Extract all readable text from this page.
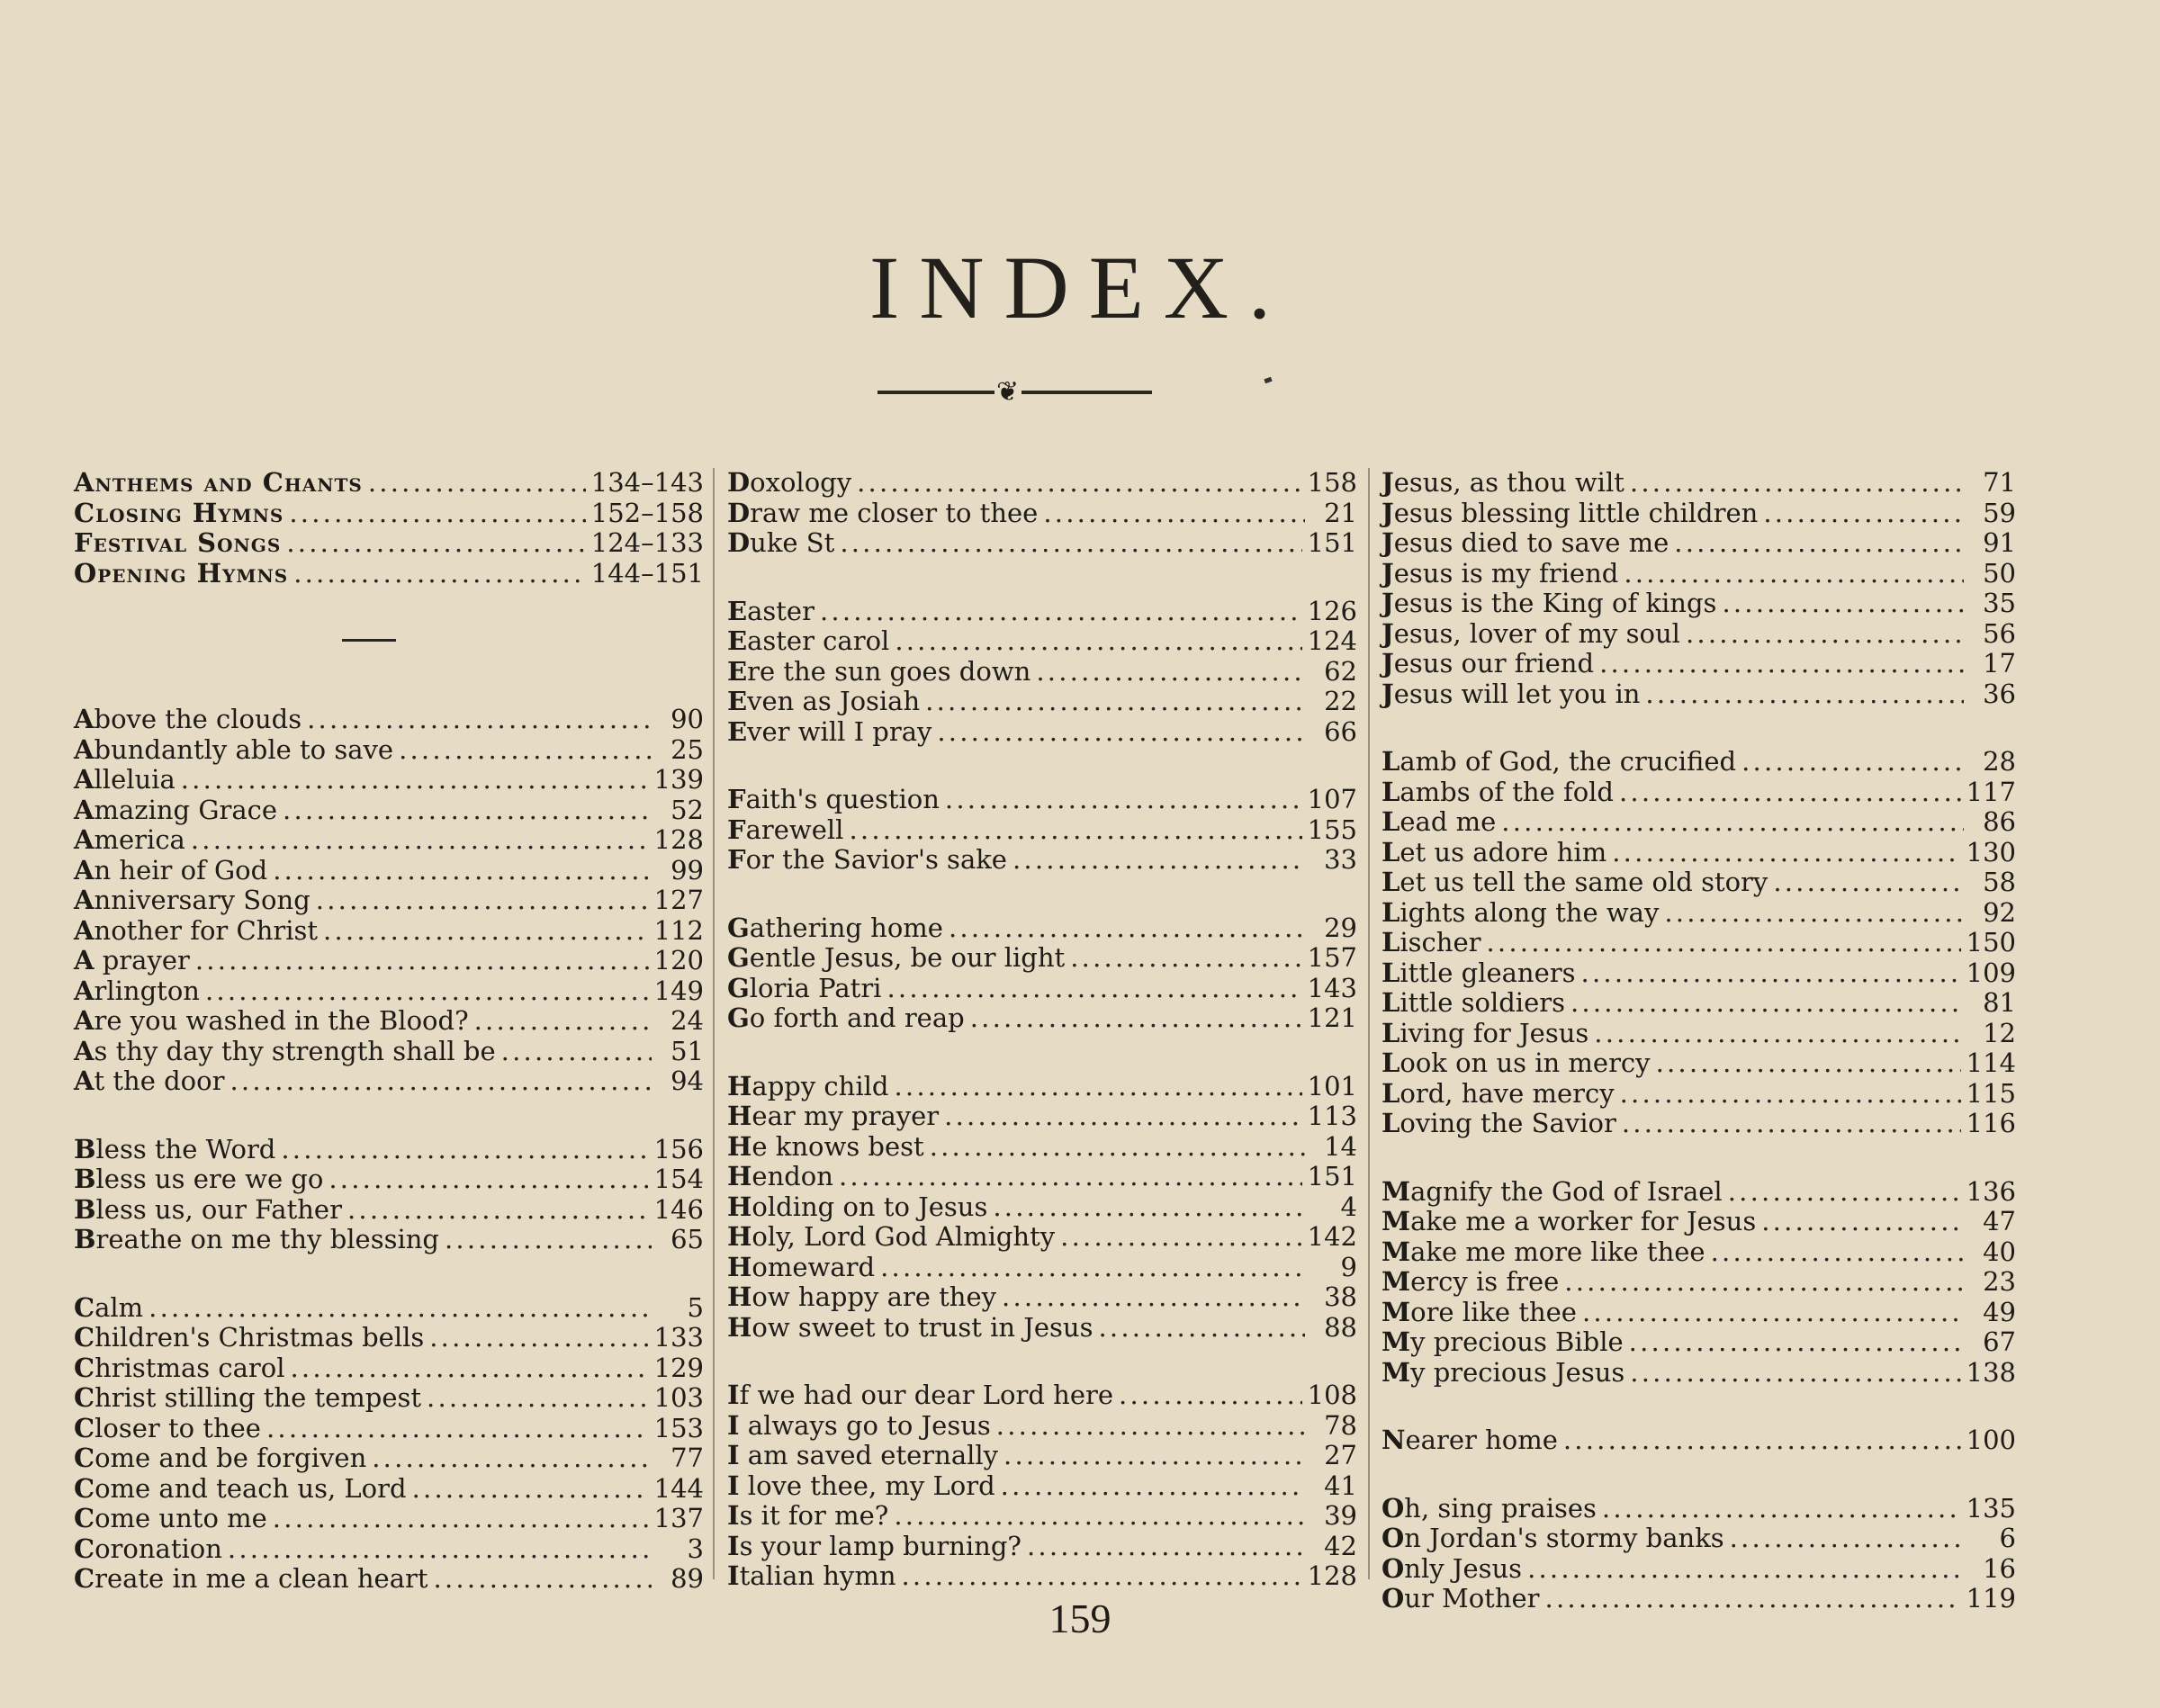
INDEX.
❦
Anthems and Chants . . .	134–143
Closing Hymns . . .	152–158
Festival Songs . . .	124–133
Opening Hymns . . .	144–151
Above the clouds . . .	90
Abundantly able to save . . .	25
Alleluia . . .	139
Amazing Grace . . .	52
America . . .	128
An heir of God . . .	99
Anniversary Song . . .	127
Another for Christ . . .	112
A prayer . . .	120
Arlington . . .	149
Are you washed in the Blood? . . .	24
As thy day thy strength shall be . . .	51
At the door . . .	94
Bless the Word . . .	156
Bless us ere we go . . .	154
Bless us, our Father . . .	146
Breathe on me thy blessing . . .	65
Calm . . .	5
Children's Christmas bells . . .	133
Christmas carol . . .	129
Christ stilling the tempest . . .	103
Closer to thee . . .	153
Come and be forgiven . . .	77
Come and teach us, Lord . . .	144
Come unto me . . .	137
Coronation . . .	3
Create in me a clean heart . . .	89
Doxology . . .	158
Draw me closer to thee . . .	21
Duke St . . .	151
Easter . . .	126
Easter carol . . .	124
Ere the sun goes down . . .	62
Even as Josiah . . .	22
Ever will I pray . . .	66
Faith's question . . .	107
Farewell . . .	155
For the Savior's sake . . .	33
Gathering home . . .	29
Gentle Jesus, be our light . . .	157
Gloria Patri . . .	143
Go forth and reap . . .	121
Happy child . . .	101
Hear my prayer . . .	113
He knows best . . .	14
Hendon . . .	151
Holding on to Jesus . . .	4
Holy, Lord God Almighty . . .	142
Homeward . . .	9
How happy are they . . .	38
How sweet to trust in Jesus . . .	88
If we had our dear Lord here . . .	108
I always go to Jesus . . .	78
I am saved eternally . . .	27
I love thee, my Lord . . .	41
Is it for me? . . .	39
Is your lamp burning? . . .	42
Italian hymn . . .	128
Jesus, as thou wilt . . .	71
Jesus blessing little children . . .	59
Jesus died to save me . . .	91
Jesus is my friend . . .	50
Jesus is the King of kings . . .	35
Jesus, lover of my soul . . .	56
Jesus our friend . . .	17
Jesus will let you in . . .	36
Lamb of God, the crucified . . .	28
Lambs of the fold . . .	117
Lead me . . .	86
Let us adore him . . .	130
Let us tell the same old story . . .	58
Lights along the way . . .	92
Lischer . . .	150
Little gleaners . . .	109
Little soldiers . . .	81
Living for Jesus . . .	12
Look on us in mercy . . .	114
Lord, have mercy . . .	115
Loving the Savior . . .	116
Magnify the God of Israel . . .	136
Make me a worker for Jesus . . .	47
Make me more like thee . . .	40
Mercy is free . . .	23
More like thee . . .	49
My precious Bible . . .	67
My precious Jesus . . .	138
Nearer home . . .	100
Oh, sing praises . . .	135
On Jordan's stormy banks . . .	6
Only Jesus . . .	16
Our Mother . . .	119
159
